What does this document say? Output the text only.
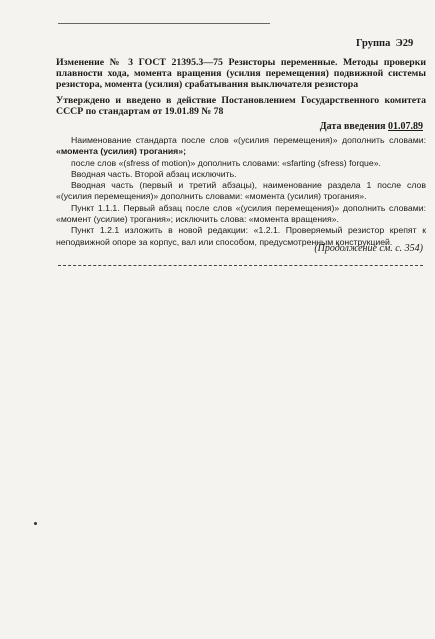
Группа Э29
Изменение № 3 ГОСТ 21395.3—75 Резисторы переменные. Методы проверки плавности хода, момента вращения (усилия перемещения) подвижной системы резистора, момента (усилия) срабатывания выключателя резистора
Утверждено и введено в действие Постановлением Государственного комитета СССР по стандартам от 19.01.89 № 78
Дата введения 01.07.89

Наименование стандарта после слов «(усилия перемещения)» дополнить словами: «момента (усилия) трогания»;

после слов «(sfress of motion)» дополнить словами: «sfarting (sfress) forque».

Вводная часть. Второй абзац исключить.

Вводная часть (первый и третий абзацы), наименование раздела 1 после слов «(усилия перемещения)» дополнить словами: «момента (усилия) трогания».

Пункт 1.1.1. Первый абзац после слов «(усилия перемещения)» дополнить словами: «момент (усилие) трогания»; исключить слова: «момента вращения».

Пункт 1.2.1 изложить в новой редакции: «1.2.1. Проверяемый резистор крепят к неподвижной опоре за корпус, вал или способом, предусмотренным конструкцией.

(Продолжение см. с. 354)
